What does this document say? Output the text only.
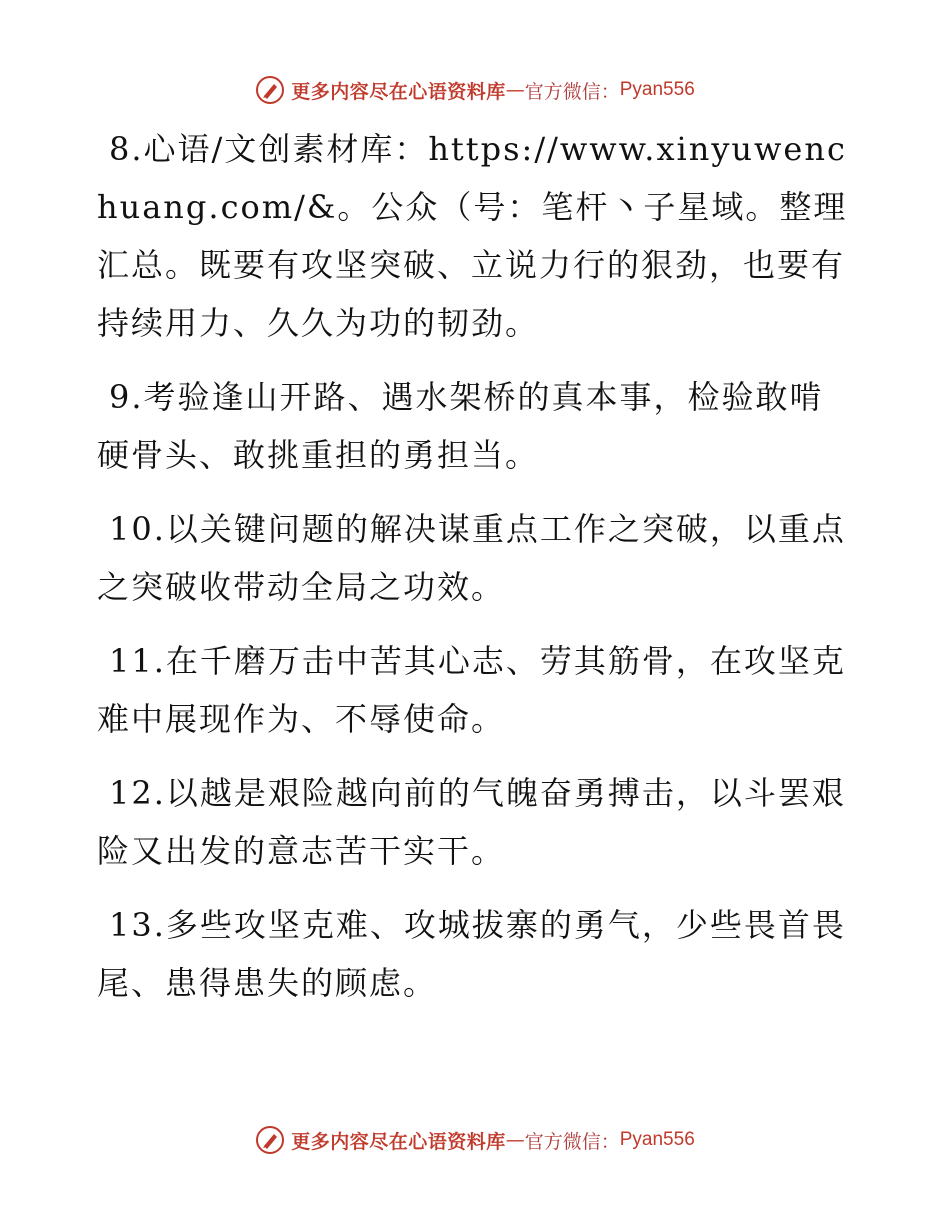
更多内容尽在心语资料库 — 官方微信： Pyan556

8.心语/文创素材库：https://www.xinyuwenchuang.com/&。公众（号：笔杆丶子星域。整理汇总。既要有攻坚突破、立说力行的狠劲，也要有持续用力、久久为功的韧劲。

9.考验逢山开路、遇水架桥的真本事，检验敢啃硬骨头、敢挑重担的勇担当。

10.以关键问题的解决谋重点工作之突破，以重点之突破收带动全局之功效。

11.在千磨万击中苦其心志、劳其筋骨，在攻坚克难中展现作为、不辱使命。

12.以越是艰险越向前的气魄奋勇搏击，以斗罢艰险又出发的意志苦干实干。

13.多些攻坚克难、攻城拔寨的勇气，少些畏首畏尾、患得患失的顾虑。

更多内容尽在心语资料库 — 官方微信： Pyan556
